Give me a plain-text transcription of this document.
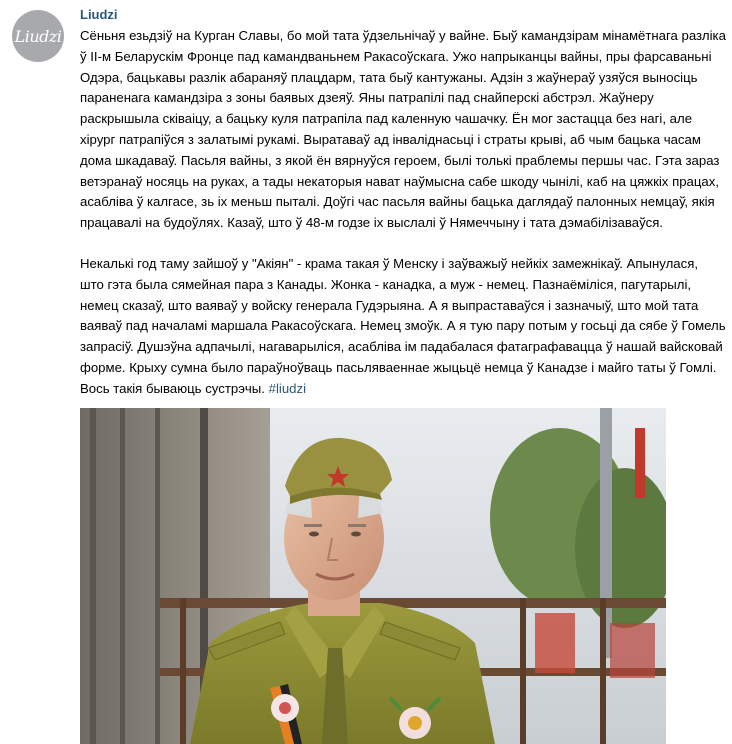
Liudzi
Liudzi
Сёньня езьдзіў на Курган Славы, бо мой тата ўдзельнічаў у вайне. Быў камандзірам мінамётнага разліка
ў ІІ-м Беларускім Фронце пад камандваньнем Ракасоўскага. Ужо напрыканцы вайны, пры фарсаваньні
Одэра, бацькавы разлік абараняў плацдарм, тата быў кантужаны. Адзін з жаўнераў узяўся выносіць
параненага камандзіра з зоны баявых дзеяў. Яны патрапілі пад снайперскі абстрэл. Жаўнеру
раскрышыла сківаіцу, а бацьку куля патрапіла пад каленную чашачку. Ён мог застацца без нагі, але
хірург патрапіўся з залатымі рукамі. Выратаваў ад інваліднасьці і страты крыві, аб чым бацька часам
дома шкадаваў. Пасьля вайны, з якой ён вярнуўся героем, былі толькі праблемы першы час. Гэта зараз
ветэранаў носяць на руках, а тады некаторыя нават наўмысна сабе шкоду чынілі, каб на цяжкіх працах,
асабліва ў калгасе, зь іх меньш пыталі. Доўгі час пасьля вайны бацька даглядаў палонных немцаў, якія
працавалі на будоўлях. Казаў, што ў 48-м годзе іх выслалі ў Нямеччыну і тата дэмабілізаваўся.
Некалькі год таму зайшоў у "Акіян" - крама такая ў Менску і заўважыў нейкіх замежнікаў. Апынулася,
што гэта была сямейная пара з Канады. Жонка - канадка, а муж - немец. Пазнаёміліся, пагутарылі,
немец сказаў, што ваяваў у войску генерала Гудэрыяна. А я выпраставаўся і зазначыў, што мой тата
ваяваў пад началамі маршала Ракасоўскага. Немец змоўк. А я тую пару потым у госьці да сябе ў Гомель
запрасіў. Душэўна адпачылі, нагаварыліся, асабліва ім падабалася фатаграфавацца ў нашай вайсковай
форме. Крыху сумна было параўноўваць пасьляваеннае жыцьцё немца ў Канадзе і майго таты ў Гомлі.
Вось такія бываюць сустрэчы. #liudzi
